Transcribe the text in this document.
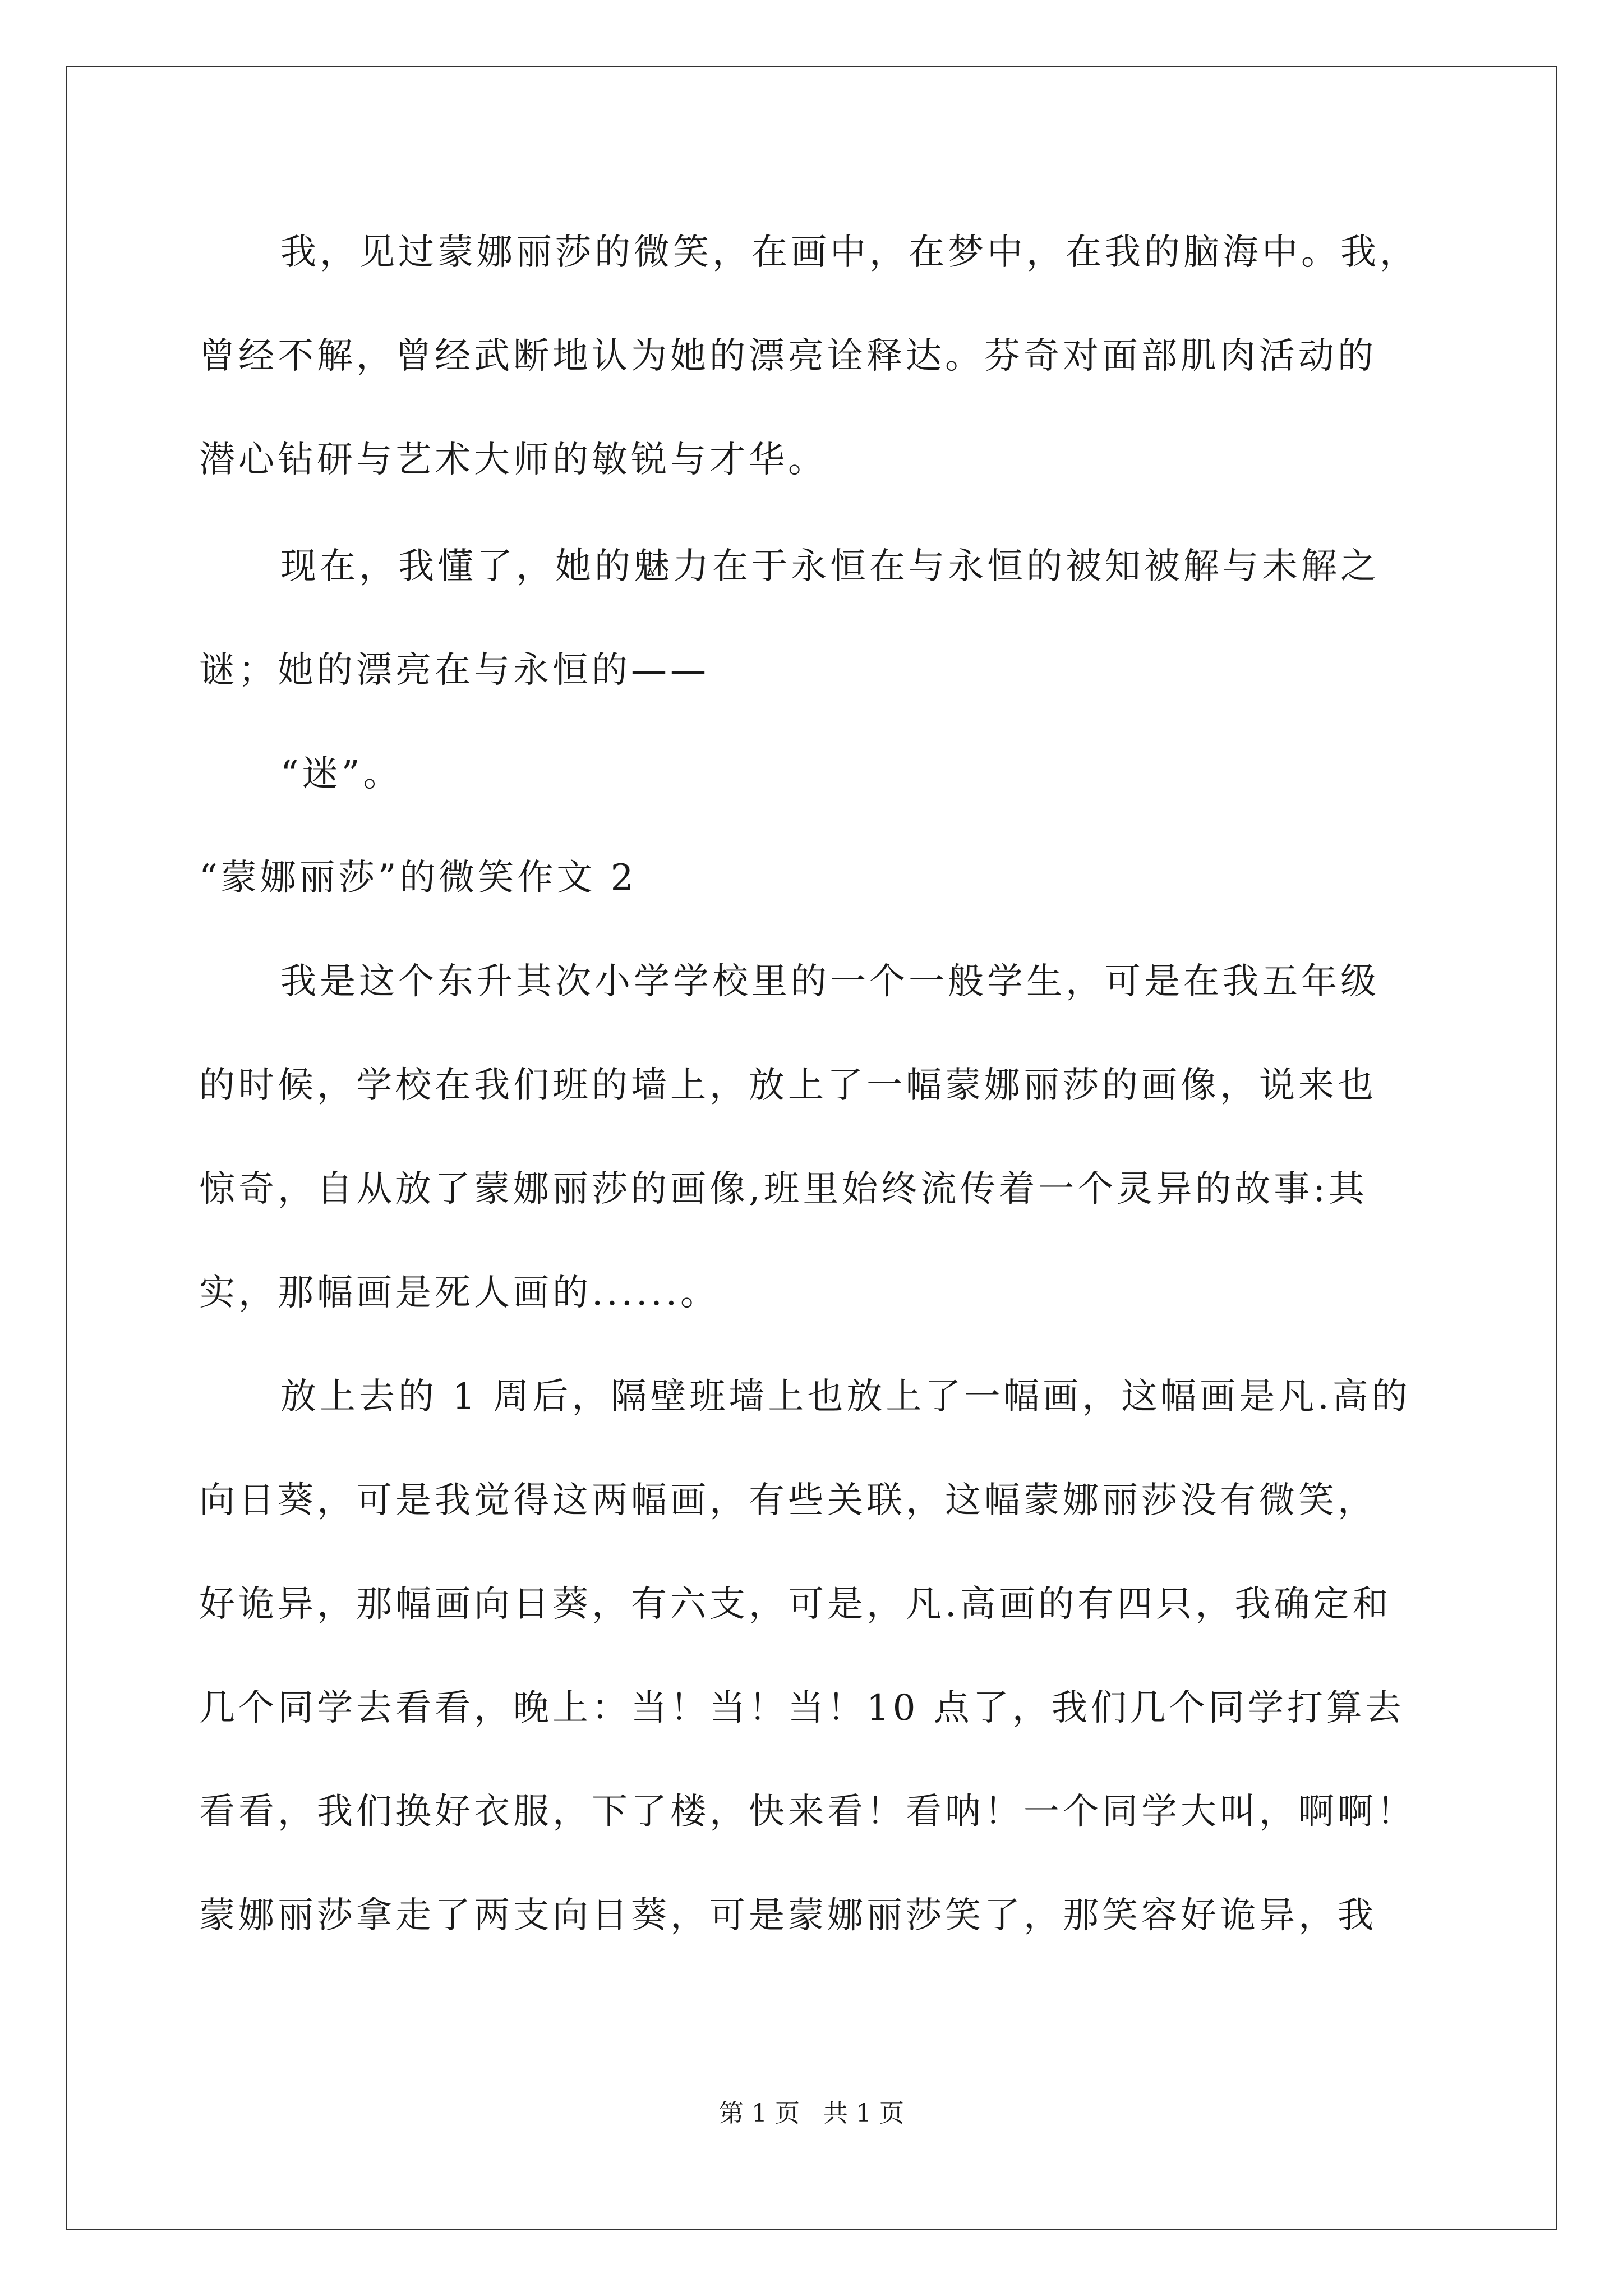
我，见过蒙娜丽莎的微笑，在画中，在梦中，在我的脑海中。我，

曾经不解，曾经武断地认为她的漂亮诠释达。芬奇对面部肌肉活动的

潜心钻研与艺术大师的敏锐与才华。

现在，我懂了，她的魅力在于永恒在与永恒的被知被解与未解之

谜；她的漂亮在与永恒的——

“迷”。

“蒙娜丽莎”的微笑作文 2

我是这个东升其次小学学校里的一个一般学生，可是在我五年级

的时候，学校在我们班的墙上，放上了一幅蒙娜丽莎的画像，说来也

惊奇，自从放了蒙娜丽莎的画像,班里始终流传着一个灵异的故事:其

实，那幅画是死人画的......。

放上去的 1 周后，隔壁班墙上也放上了一幅画，这幅画是凡.高的

向日葵，可是我觉得这两幅画，有些关联，这幅蒙娜丽莎没有微笑，

好诡异，那幅画向日葵，有六支，可是，凡.高画的有四只，我确定和

几个同学去看看，晚上：当！当！当！10 点了，我们几个同学打算去

看看，我们换好衣服，下了楼，快来看！看呐！一个同学大叫，啊啊！

蒙娜丽莎拿走了两支向日葵，可是蒙娜丽莎笑了，那笑容好诡异，我

第 1 页   共 1 页
